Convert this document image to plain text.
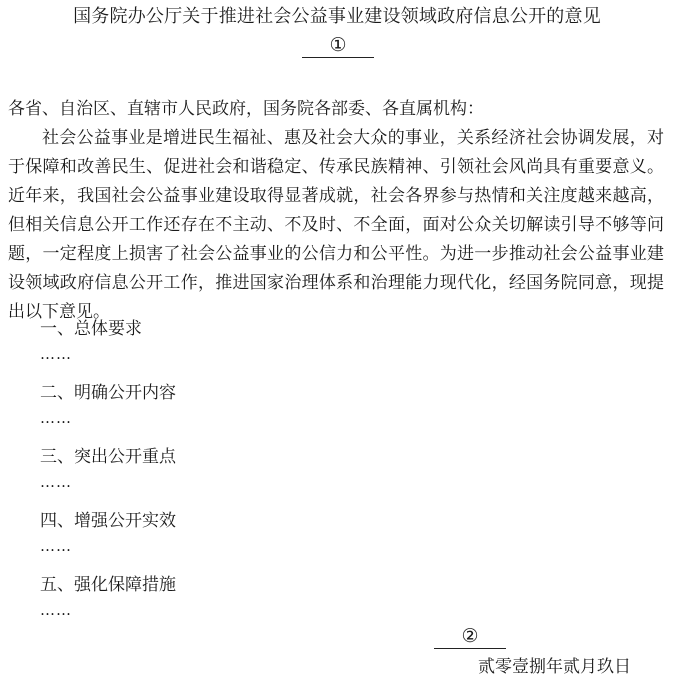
国务院办公厅关于推进社会公益事业建设领域政府信息公开的意见
①
各省、自治区、直辖市人民政府，国务院各部委、各直属机构：

社会公益事业是增进民生福祉、惠及社会大众的事业，关系经济社会协调发展，对于保障和改善民生、促进社会和谐稳定、传承民族精神、引领社会风尚具有重要意义。近年来，我国社会公益事业建设取得显著成就，社会各界参与热情和关注度越来越高，但相关信息公开工作还存在不主动、不及时、不全面，面对公众关切解读引导不够等问题，一定程度上损害了社会公益事业的公信力和公平性。为进一步推动社会公益事业建设领域政府信息公开工作，推进国家治理体系和治理能力现代化，经国务院同意，现提出以下意见。

一、总体要求
……
二、明确公开内容
……
三、突出公开重点
……
四、增强公开实效
……
五、强化保障措施
……
②
贰零壹捌年贰月玖日
